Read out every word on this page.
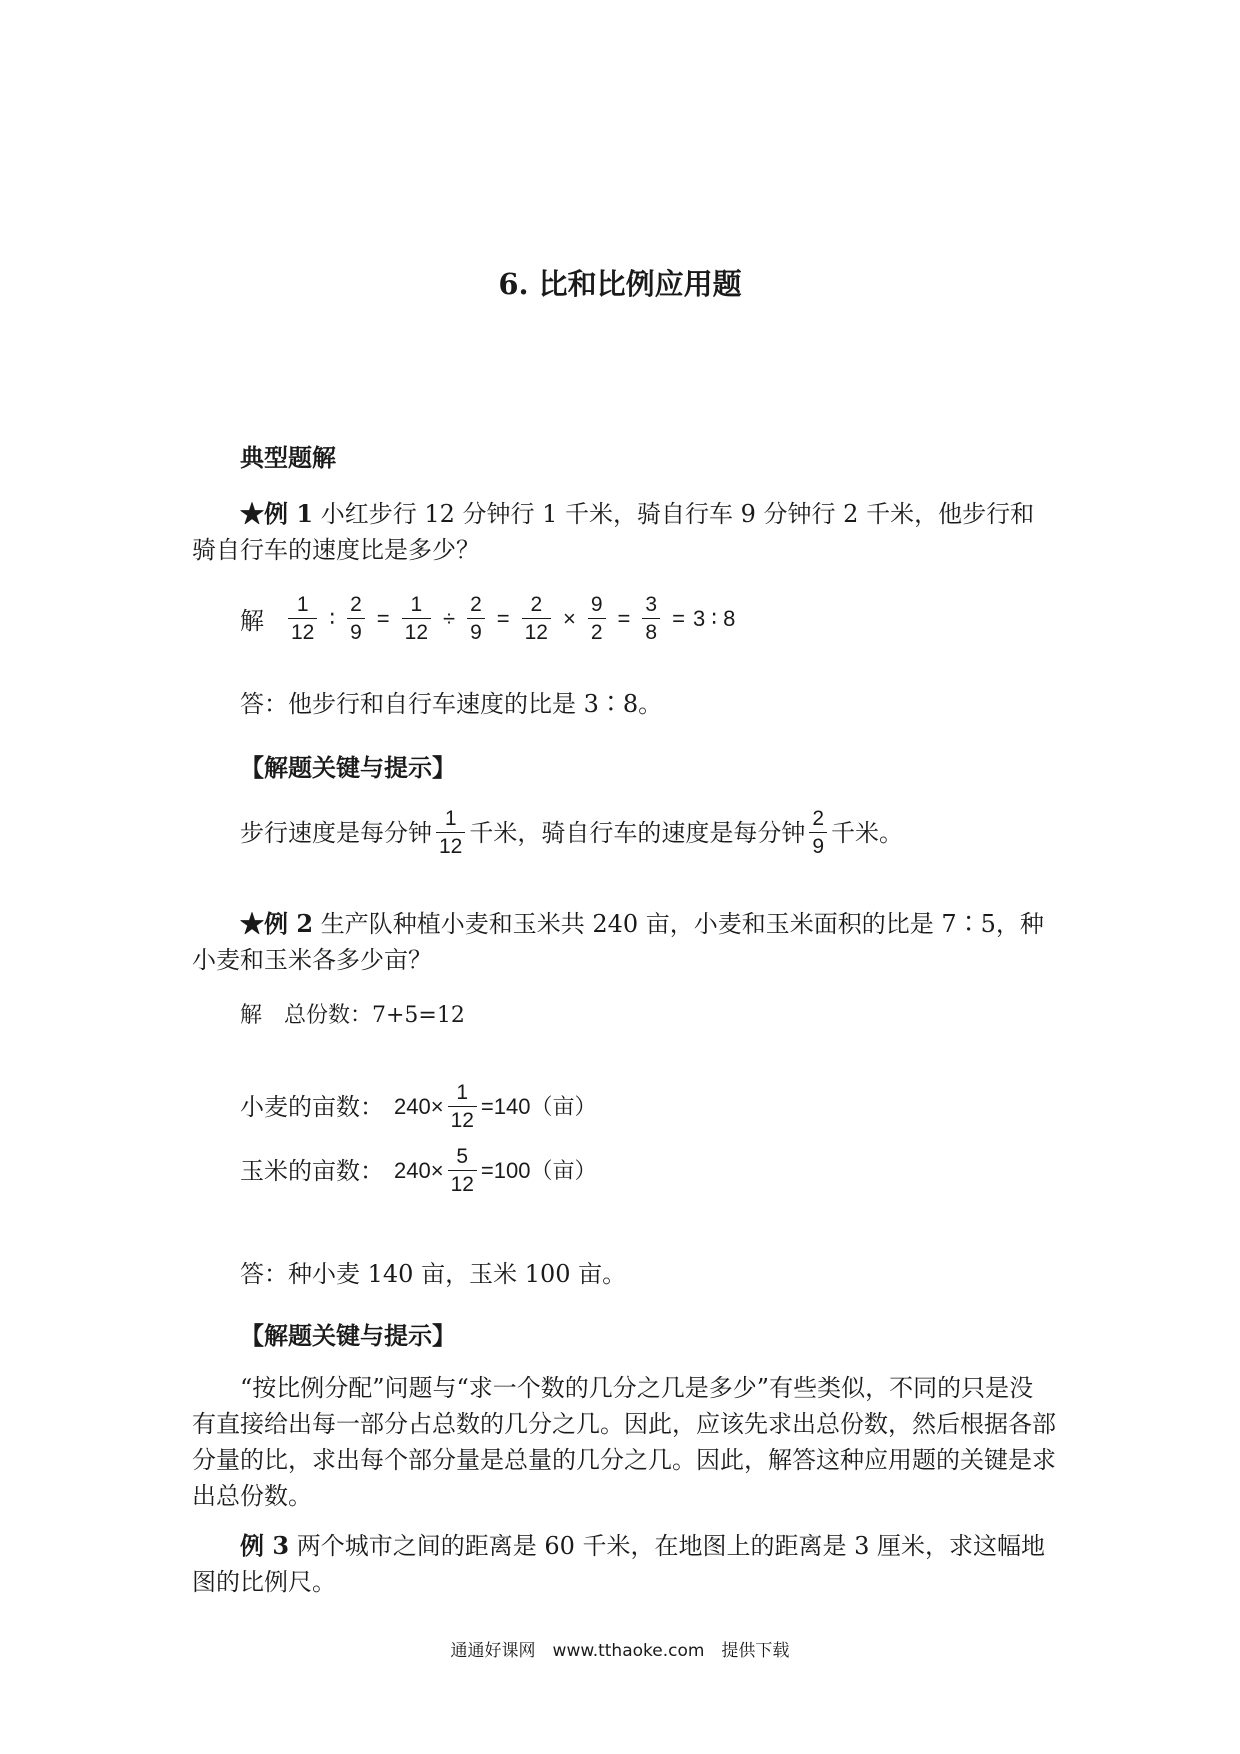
6. 比和比例应用题
典型题解
★例 1 小红步行 12 分钟行 1 千米，骑自行车 9 分钟行 2 千米，他步行和骑自行车的速度比是多少？
解 $\frac{1}{12}$ ∶ $\frac{2}{9} = \frac{1}{12} \div \frac{2}{9} = \frac{2}{12} \times \frac{9}{2} = \frac{3}{8} = 3$ ∶ 8
答：他步行和自行车速度的比是 3∶8。
【解题关键与提示】
步行速度是每分钟 $\frac{1}{12}$ 千米，骑自行车的速度是每分钟 $\frac{2}{9}$ 千米。
★例 2 生产队种植小麦和玉米共 240 亩，小麦和玉米面积的比是 7∶5，种小麦和玉米各多少亩？
解　总份数：7+5=12
小麦的亩数： $240\times \frac{1}{12} =140$（亩）
玉米的亩数： $240\times \frac{5}{12} =100$（亩）
答：种小麦 140 亩，玉米 100 亩。
【解题关键与提示】
“按比例分配”问题与“求一个数的几分之几是多少”有些类似，不同的只是没有直接给出每一部分占总数的几分之几。因此，应该先求出总份数，然后根据各部分量的比，求出每个部分量是总量的几分之几。因此，解答这种应用题的关键是求出总份数。
例 3 两个城市之间的距离是 60 千米，在地图上的距离是 3 厘米，求这幅地图的比例尺。
通通好课网　www.tthaoke.com　提供下载
